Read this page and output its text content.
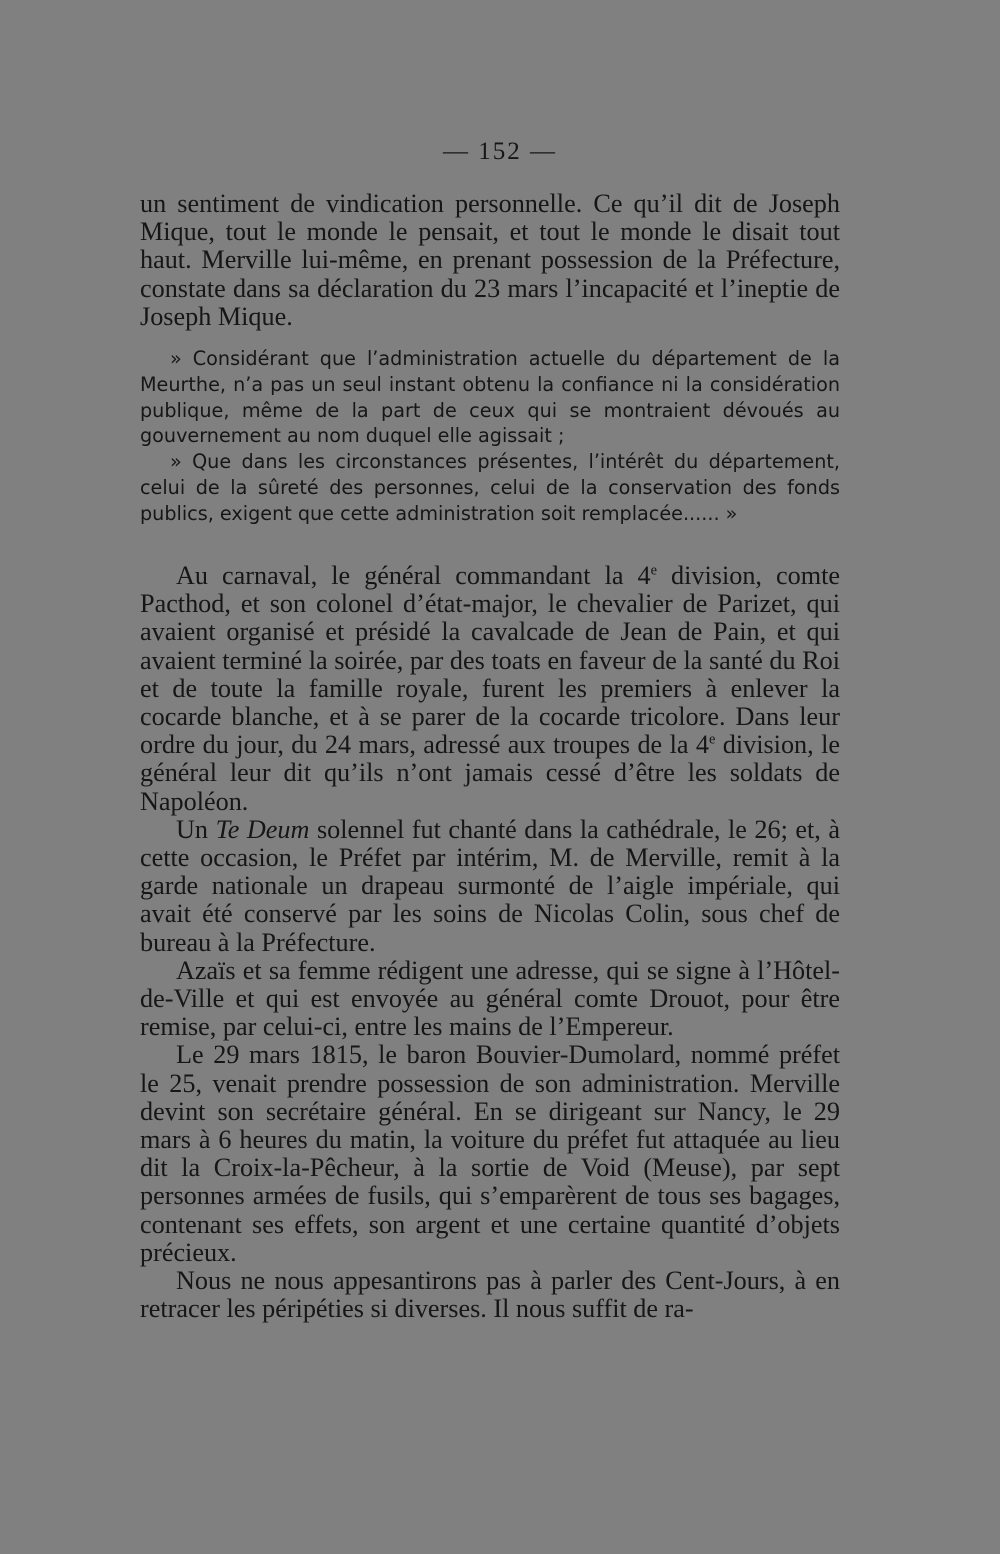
— 152 —

un sentiment de vindication personnelle. Ce qu’il dit de Joseph Mique, tout le monde le pensait, et tout le monde le disait tout haut. Merville lui-même, en prenant possession de la Préfecture, constate dans sa déclaration du 23 mars l’incapacité et l’ineptie de Joseph Mique.

» Considérant que l’administration actuelle du département de la Meurthe, n’a pas un seul instant obtenu la confiance ni la considération publique, même de la part de ceux qui se montraient dévoués au gouvernement au nom duquel elle agissait ;

» Que dans les circonstances présentes, l’intérêt du département, celui de la sûreté des personnes, celui de la conservation des fonds publics, exigent que cette administration soit remplacée...... »

Au carnaval, le général commandant la 4e division, comte Pacthod, et son colonel d’état-major, le chevalier de Parizet, qui avaient organisé et présidé la cavalcade de Jean de Pain, et qui avaient terminé la soirée, par des toats en faveur de la santé du Roi et de toute la famille royale, furent les premiers à enlever la cocarde blanche, et à se parer de la cocarde tricolore. Dans leur ordre du jour, du 24 mars, adressé aux troupes de la 4e division, le général leur dit qu’ils n’ont jamais cessé d’être les soldats de Napoléon.

Un Te Deum solennel fut chanté dans la cathédrale, le 26; et, à cette occasion, le Préfet par intérim, M. de Merville, remit à la garde nationale un drapeau surmonté de l’aigle impériale, qui avait été conservé par les soins de Nicolas Colin, sous chef de bureau à la Préfecture.

Azaïs et sa femme rédigent une adresse, qui se signe à l’Hôtel-de-Ville et qui est envoyée au général comte Drouot, pour être remise, par celui-ci, entre les mains de l’Empereur.

Le 29 mars 1815, le baron Bouvier-Dumolard, nommé préfet le 25, venait prendre possession de son administration. Merville devint son secrétaire général. En se dirigeant sur Nancy, le 29 mars à 6 heures du matin, la voiture du préfet fut attaquée au lieu dit la Croix-la-Pêcheur, à la sortie de Void (Meuse), par sept personnes armées de fusils, qui s’emparèrent de tous ses bagages, contenant ses effets, son argent et une certaine quantité d’objets précieux.

Nous ne nous appesantirons pas à parler des Cent-Jours, à en retracer les péripéties si diverses. Il nous suffit de ra-
